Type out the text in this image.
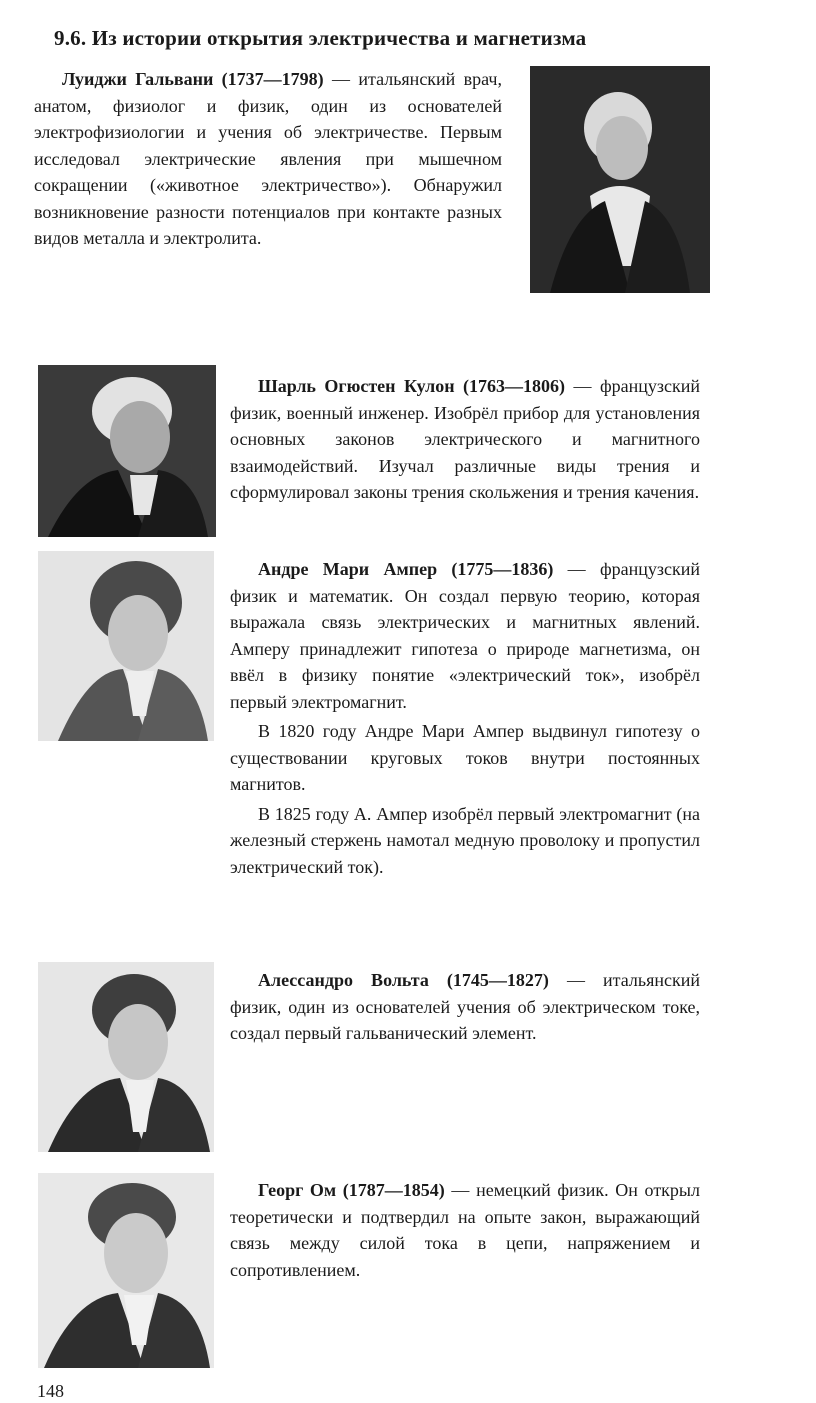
9.6. Из истории открытия электричества и магнетизма

Луиджи Гальвани (1737—1798) — итальянский врач, анатом, физиолог и физик, один из основателей электрофизиологии и учения об электричестве. Первым исследовал электрические явления при мышечном сокращении («животное электричество»). Обнаружил возникновение разности потенциалов при контакте разных видов металла и электролита.

Шарль Огюстен Кулон (1763—1806) — французский физик, военный инженер. Изобрёл прибор для установления основных законов электрического и магнитного взаимодействий. Изучал различные виды трения и сформулировал законы трения скольжения и трения качения.

Андре Мари Ампер (1775—1836) — французский физик и математик. Он создал первую теорию, которая выражала связь электрических и магнитных явлений. Амперу принадлежит гипотеза о природе магнетизма, он ввёл в физику понятие «электрический ток», изобрёл первый электромагнит.

В 1820 году Андре Мари Ампер выдвинул гипотезу о существовании круговых токов внутри постоянных магнитов.

В 1825 году А. Ампер изобрёл первый электромагнит (на железный стержень намотал медную проволоку и пропустил электрический ток).

Алессандро Вольта (1745—1827) — итальянский физик, один из основателей учения об электрическом токе, создал первый гальванический элемент.

Георг Ом (1787—1854) — немецкий физик. Он открыл теоретически и подтвердил на опыте закон, выражающий связь между силой тока в цепи, напряжением и сопротивлением.

148
